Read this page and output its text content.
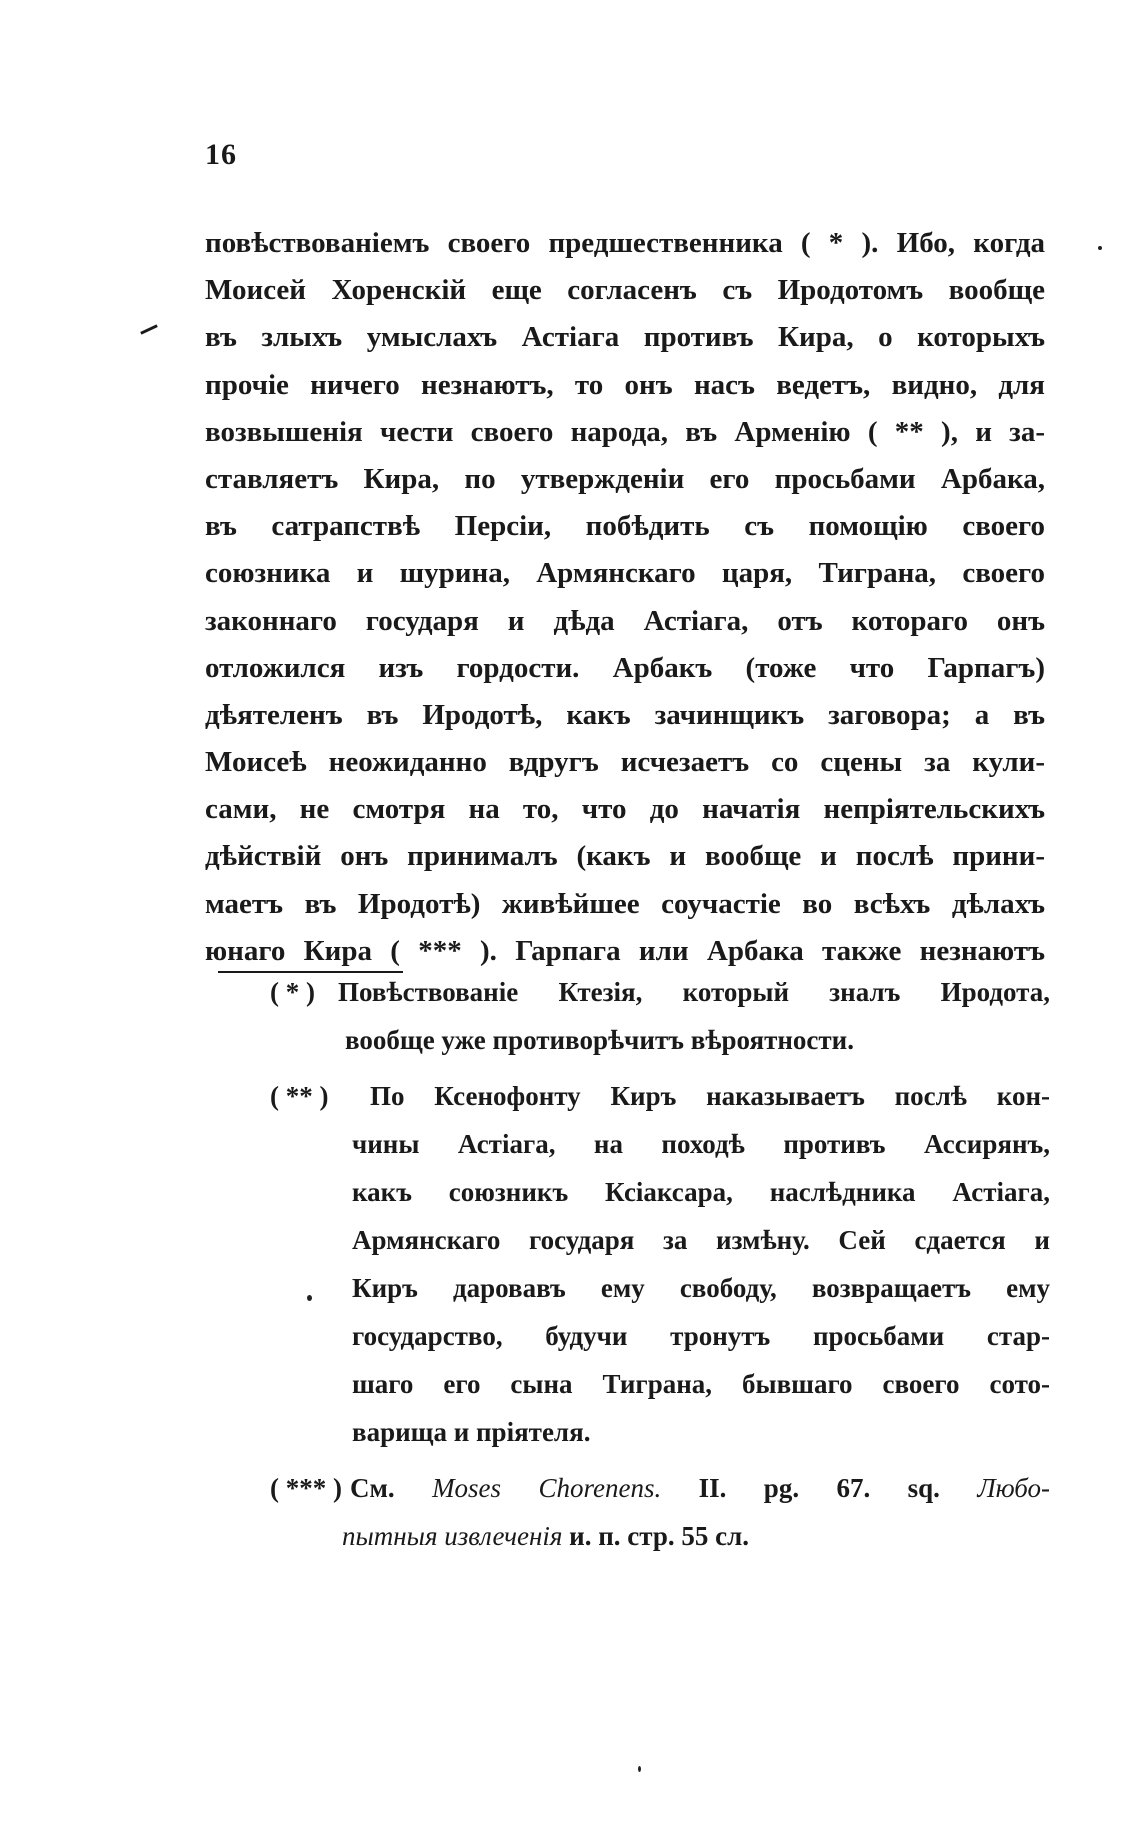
16
повѣствованіемъ своего предшественника ( * ). Ибо, когда
Моисей Хоренскій еще согласенъ съ Иродотомъ вообще
въ злыхъ умыслахъ Астіага противъ Кира, о которыхъ
прочіе ничего незнаютъ, то онъ насъ ведетъ, видно, для
возвышенія чести своего народа, въ Арменію ( ** ), и за-
ставляетъ Кира, по утвержденіи его просьбами Арбака,
въ сатрапствѣ Персіи, побѣдить съ помощію своего
союзника и шурина, Армянскаго царя, Тиграна, своего
законнаго государя и дѣда Астіага, отъ котораго онъ
отложился изъ гордости. Арбакъ (тоже что Гарпагъ)
дѣятеленъ въ Иродотѣ, какъ зачинщикъ заговора; а въ
Моисеѣ неожиданно вдругъ исчезаетъ со сцены за кули-
сами, не смотря на то, что до начатія непріятельскихъ
дѣйствій онъ принималъ (какъ и вообще и послѣ прини-
маетъ въ Иродотѣ) живѣйшее соучастіе во всѣхъ дѣлахъ
юнаго Кира ( *** ). Гарпага или Арбака также незнаютъ
( * ) Повѣствованіе Ктезія, который зналъ Иродота,
вообще уже противорѣчитъ вѣроятности.
( ** ) По Ксенофонту Киръ наказываетъ послѣ кон-
чины Астіага, на походѣ противъ Ассирянъ,
какъ союзникъ Ксіаксара, наслѣдника Астіага,
Армянскаго государя за измѣну. Сей сдается и
Киръ даровавъ ему свободу, возвращаетъ ему
государство, будучи тронутъ просьбами стар-
шаго его сына Тиграна, бывшаго своего сото-
варища и пріятеля.
( *** ) См. Moses Chorenens. II. pg. 67. sq. Любо-
пытныя извлеченія и. п. стр. 55 сл.
